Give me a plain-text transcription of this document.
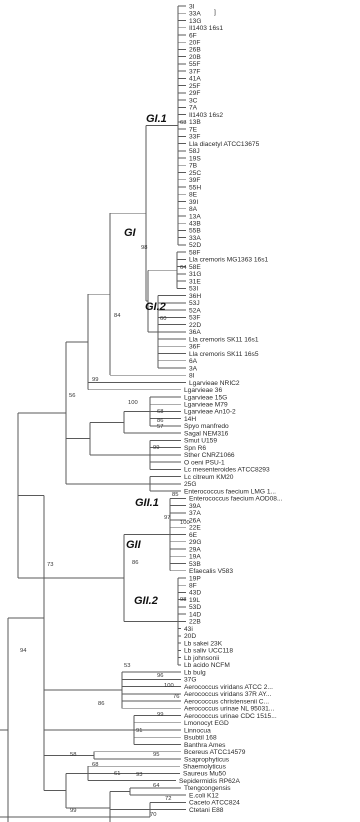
3I
33A
13G
Il1403 16s1
6F
20F
26B
20B
55F
37F
41A
25F
29F
3C
7A
Il1403 16s2
13B
7E
33F
Lla diacetyl ATCC13675
58J
19S
7B
25C
39F
55H
8E
39I
8A
13A
43B
55B
33A
52D
58F
Lla cremoris MG1363 16s1
58E
31G
31E
53I
36H
53J
52A
53F
22D
36A
Lla cremoris SK11 16s1
36F
Lla cremoris SK11 16s5
6A
3A
8I
Lgarvieae NRIC2
Lgarvieae 36
Lgarvieae 15G
Lgarvieae M79
Lgarvieae An10-2
14H
Spyo manfredo
Sagal NEM316
Smut U159
Spn R6
Sther CNRZ1066
O oeni PSU-1
Lc mesenteroides ATCC8293
Lc citreum KM20
25G
Enterococcus faecium LMG 1...
Enterococcus faecium AOD08...
39A
37A
26A
22E
6E
29G
29A
19A
53B
Efaecalis V583
19P
8F
43D
19L
53D
14D
22B
43i
20D
Lb sakei 23K
Lb saliv UCC118
Lb johnsonii
Lb acido NCFM
Lb bulg
37G
Aerococcus viridans ATCC 2...
Aerococcus viridans 37R AY...
Aerococcus christensenii C...
Aerococcus urinae NL 95031...
Aerococcus urinae CDC 1515...
Lmonocyt EGD
Linnocua
Bsubtil 168
Banthra Ames
Bcereus ATCC14579
Ssaprophyticus
Shaemolyticus
Saureus Mu50
Sepidermidis RP62A
Ttengcongensis
E.coli K12
Caceto ATCC824
Ctetani E88
63
98
64
60
84
99
56
100
68
86
57
99
85
97
100
86
98
73
94
53
96
100
76
99
91
86
58
68
61	93
95
64
72
99
70
GI
GI.1
GI.2
GII
GII.1
GII.2
]
